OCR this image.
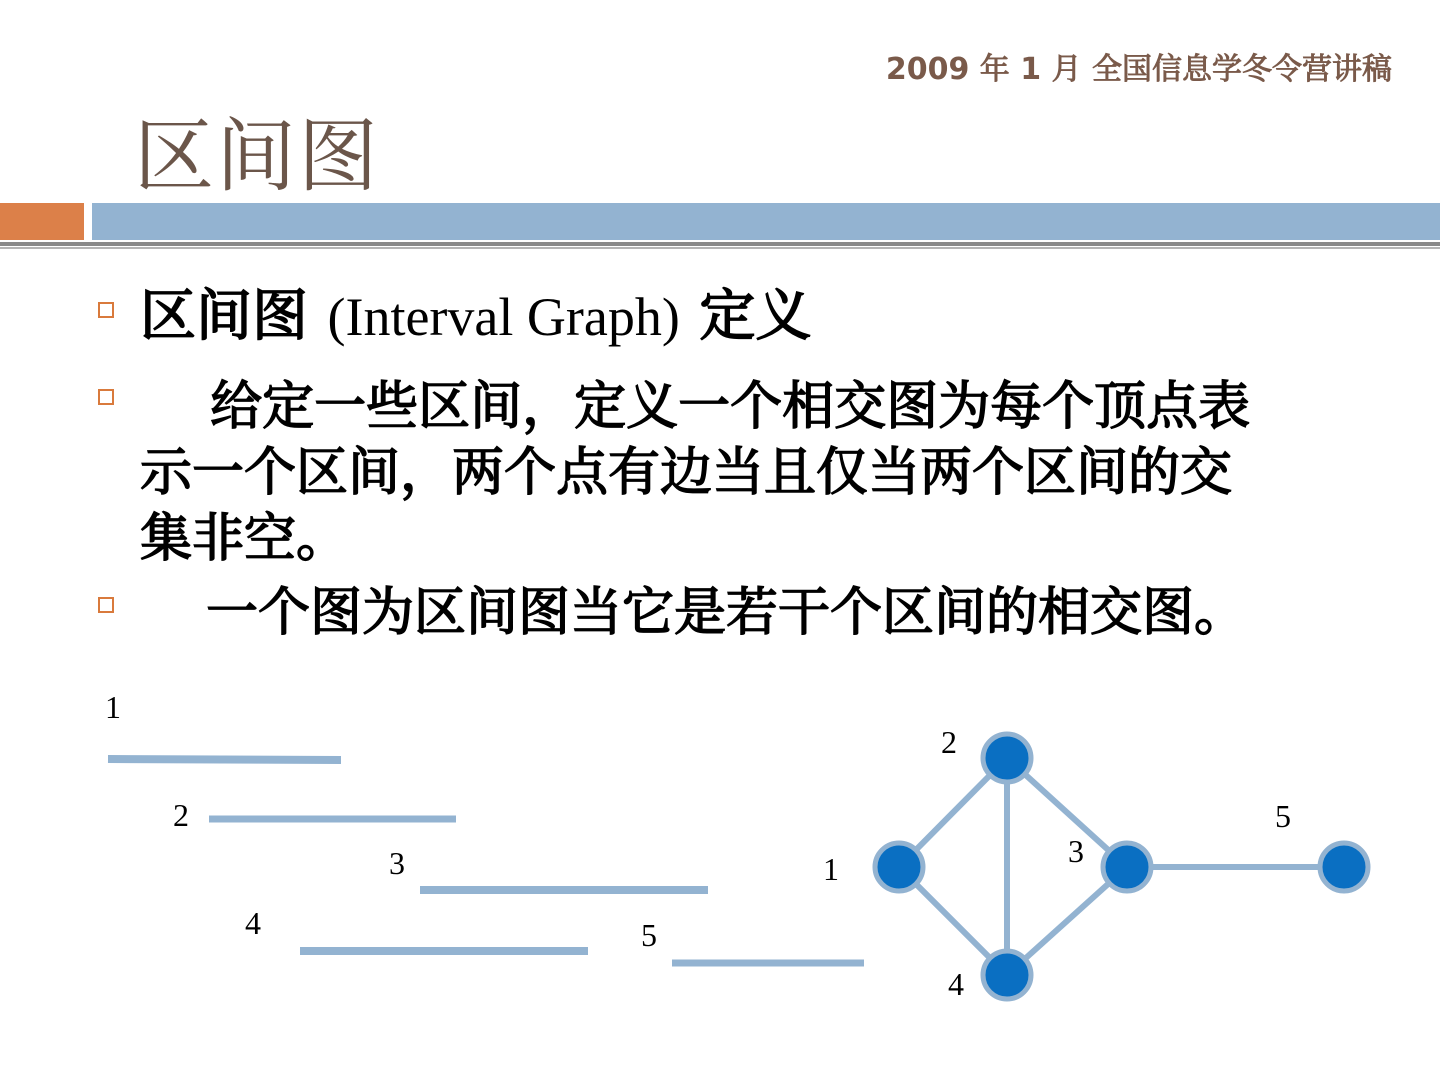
2009 年 1 月 全国信息学冬令营讲稿
区间图
区间图 (Interval Graph) 定义
　 给定一些区间，定义一个相交图为每个顶点表
示一个区间，两个点有边当且仅当两个区间的交
集非空。
一个图为区间图当它是若干个区间的相交图。
1
2
3
4	5
1
2
3
4
5
